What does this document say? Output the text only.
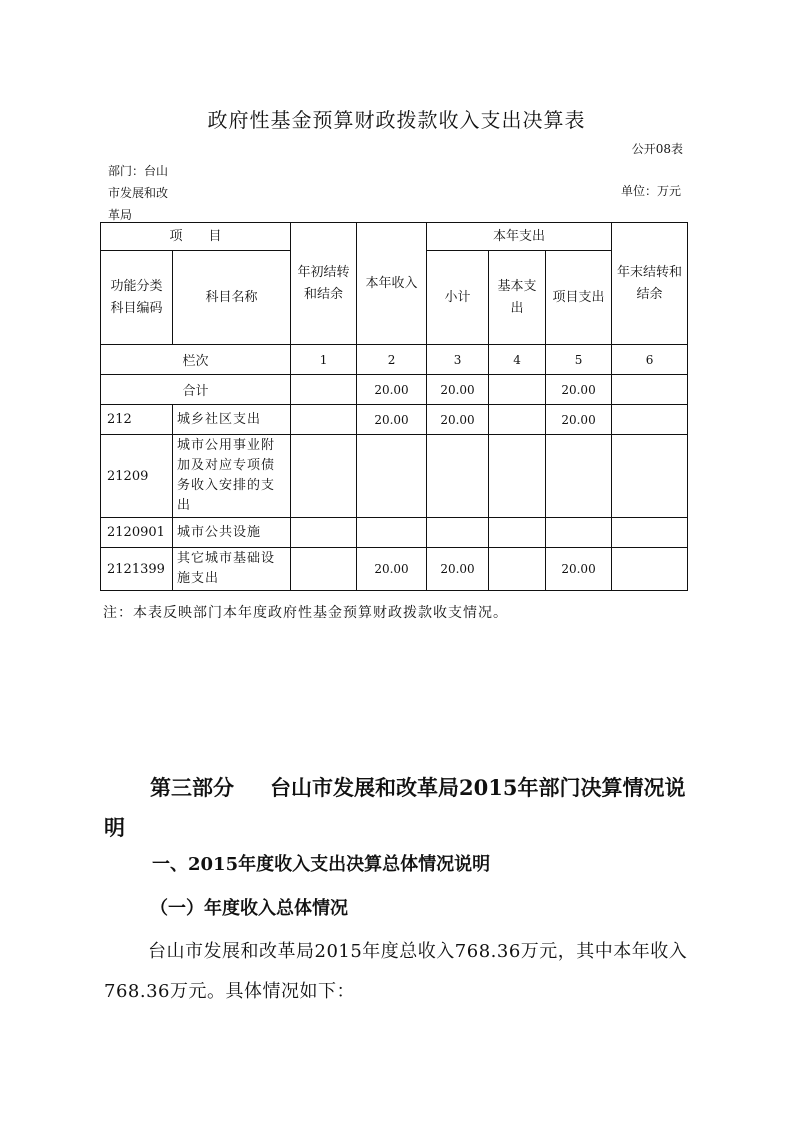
政府性基金预算财政拨款收入支出决算表
公开08表
部门：台山市发展和改革局
单位：万元
项　　目		年初结转和结余	本年收入	本年支出			年末结转和结余
功能分类科目编码	科目名称			小计	基本支出	项目支出	
栏次		1	2	3	4	5	6
合计			20.00	20.00		20.00	
212	城乡社区支出		20.00	20.00		20.00	
21209	城市公用事业附加及对应专项债务收入安排的支出						
2120901	城市公共设施						
2121399	其它城市基础设施支出		20.00	20.00		20.00	
注：本表反映部门本年度政府性基金预算财政拨款收支情况。
第三部分 台山市发展和改革局2015年部门决算情况说明
一、2015年度收入支出决算总体情况说明
（一）年度收入总体情况
台山市发展和改革局2015年度总收入768.36万元，其中本年收入768.36万元。具体情况如下：
